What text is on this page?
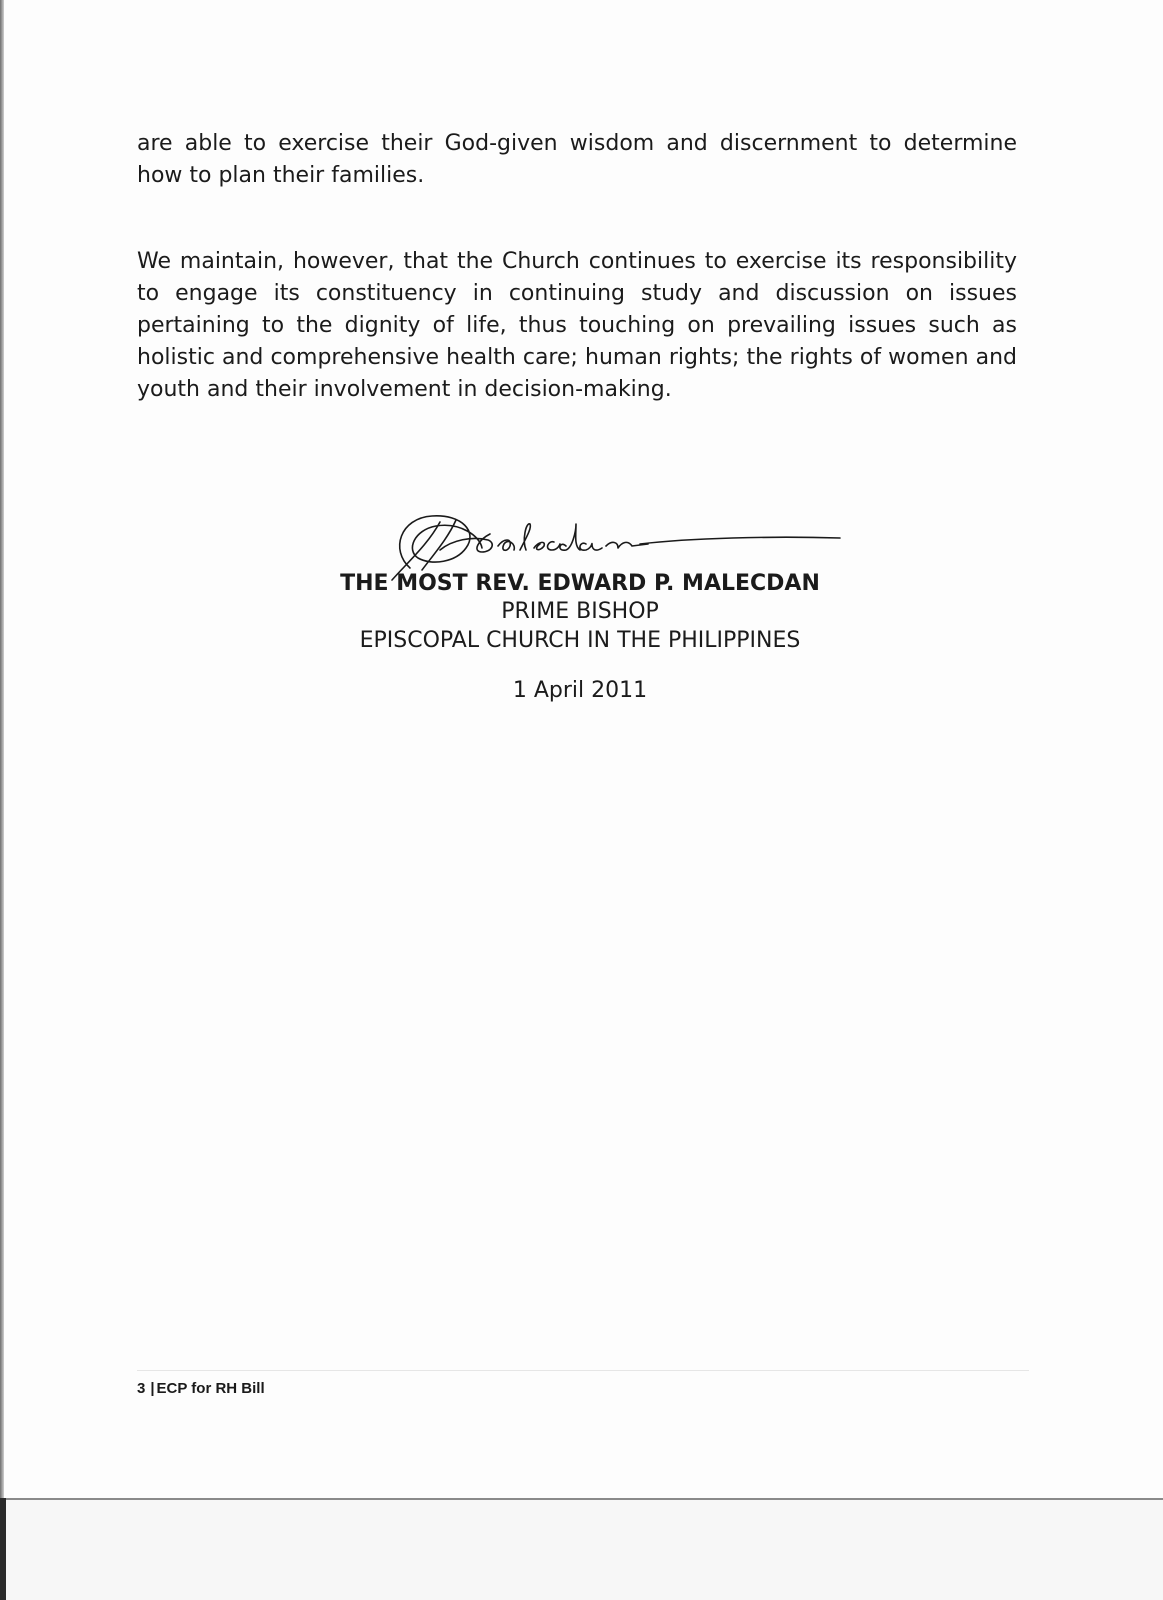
are able to exercise their God-given wisdom and discernment to determine how to plan their families.

We maintain, however, that the Church continues to exercise its responsibility to engage its constituency in continuing study and discussion on issues pertaining to the dignity of life, thus touching on prevailing issues such as holistic and comprehensive health care; human rights; the rights of women and youth and their involvement in decision-making.

THE MOST REV. EDWARD P. MALECDAN
PRIME BISHOP
EPISCOPAL CHURCH IN THE PHILIPPINES
1 April 2011
3 | ECP for RH Bill
